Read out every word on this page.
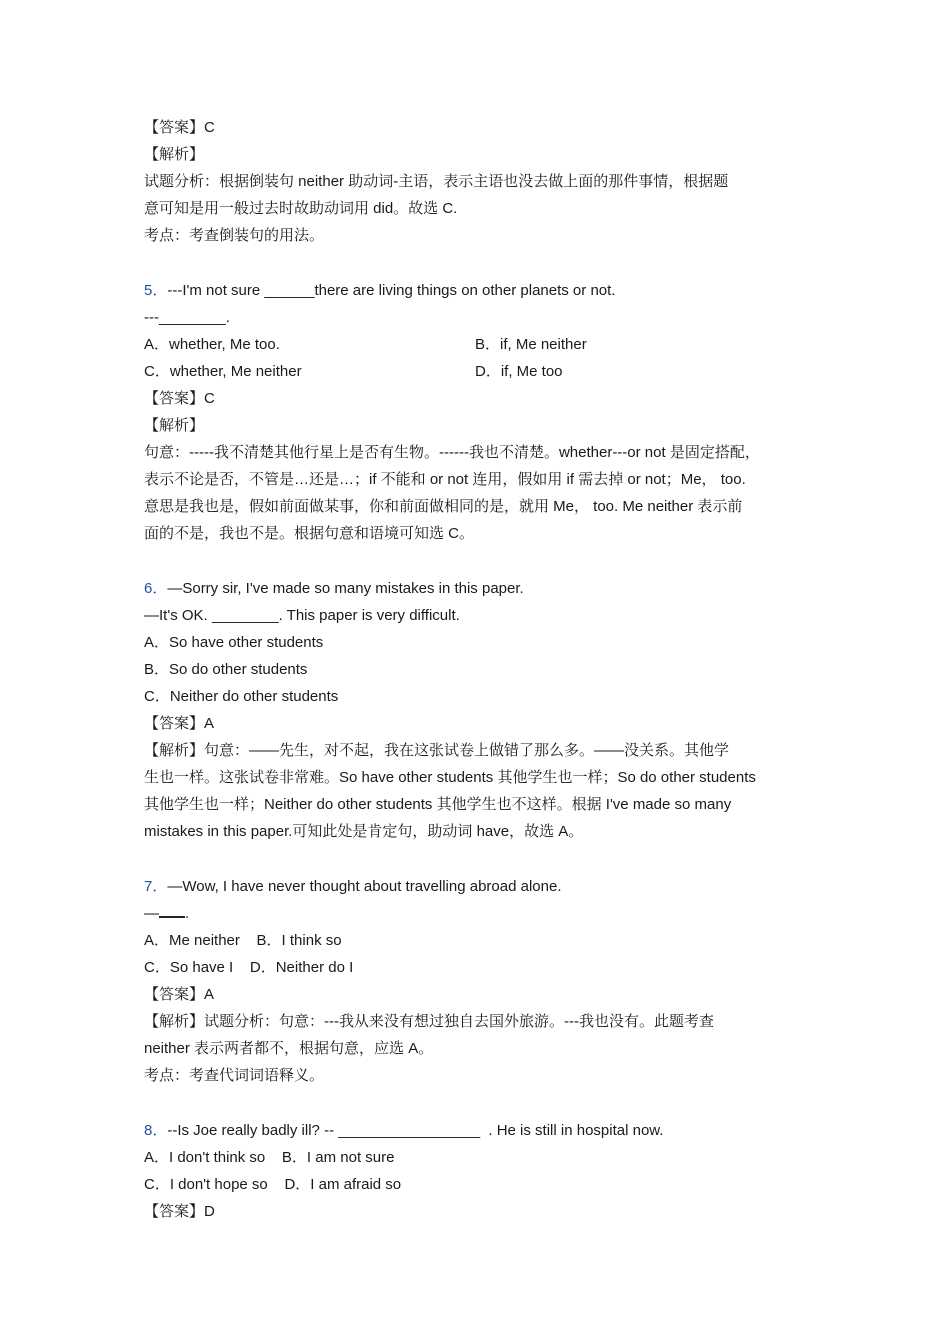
【答案】C
【解析】
试题分析：根据倒装句 neither 助动词-主语，表示主语也没去做上面的那件事情，根据题
意可知是用一般过去时故助动词用 did。故选 C.
考点：考查倒装句的用法。
5．---I'm not sure ______there are living things on other planets or not.
---________.
A．whether, Me too.	B．if, Me neither
C．whether, Me neither	D．if, Me too
【答案】C
【解析】
句意：-----我不清楚其他行星上是否有生物。------我也不清楚。whether---or not 是固定搭配，
表示不论是否，不管是…还是…；if 不能和 or not 连用，假如用 if 需去掉 or not；Me， too.
意思是我也是，假如前面做某事，你和前面做相同的是，就用 Me， too. Me neither 表示前
面的不是，我也不是。根据句意和语境可知选 C。
6．—Sorry sir, I've made so many mistakes in this paper.
—It's OK. ________. This paper is very difficult.
A．So have other students
B．So do other students
C．Neither do other students
【答案】A
【解析】句意：——先生，对不起，我在这张试卷上做错了那么多。——没关系。其他学
生也一样。这张试卷非常难。So have other students 其他学生也一样；So do other students
其他学生也一样；Neither do other students 其他学生也不这样。根据 I've made so many
mistakes in this paper.可知此处是肯定句，助动词 have，故选 A。
7．—Wow, I have never thought about travelling abroad alone.
— .
A．Me neither    B．I think so
C．So have I    D．Neither do I
【答案】A
【解析】试题分析：句意：---我从来没有想过独自去国外旅游。---我也没有。此题考查
neither 表示两者都不，根据句意，应选 A。
考点：考查代词词语释义。
8．--Is Joe really badly ill? -- _________________  . He is still in hospital now.
A．I don't think so    B．I am not sure
C．I don't hope so    D．I am afraid so
【答案】D
